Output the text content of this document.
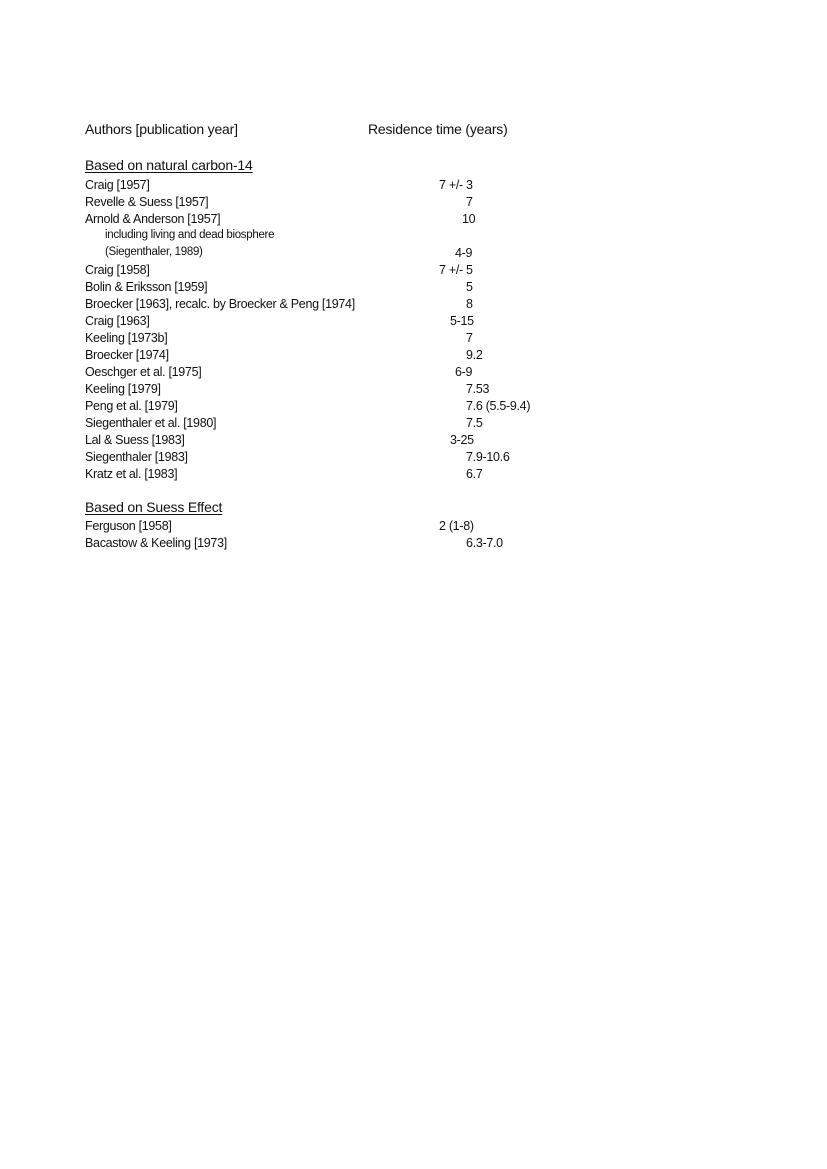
Authors [publication year]	Residence time (years)
Based on natural carbon-14
Craig [1957]	7 +/- 3
Revelle & Suess [1957]	7
Arnold & Anderson [1957]	10
including living and dead biosphere
(Siegenthaler, 1989)	4-9
Craig [1958]	7 +/- 5
Bolin & Eriksson [1959]	5
Broecker [1963], recalc. by Broecker & Peng [1974]	8
Craig [1963]	5-15
Keeling [1973b]	7
Broecker [1974]	9.2
Oeschger et al. [1975]	6-9
Keeling [1979]	7.53
Peng et al. [1979]	7.6 (5.5-9.4)
Siegenthaler et al. [1980]	7.5
Lal & Suess [1983]	3-25
Siegenthaler [1983]	7.9-10.6
Kratz et al. [1983]	6.7
Based on Suess Effect
Ferguson [1958]	2 (1-8)
Bacastow & Keeling [1973]	6.3-7.0
